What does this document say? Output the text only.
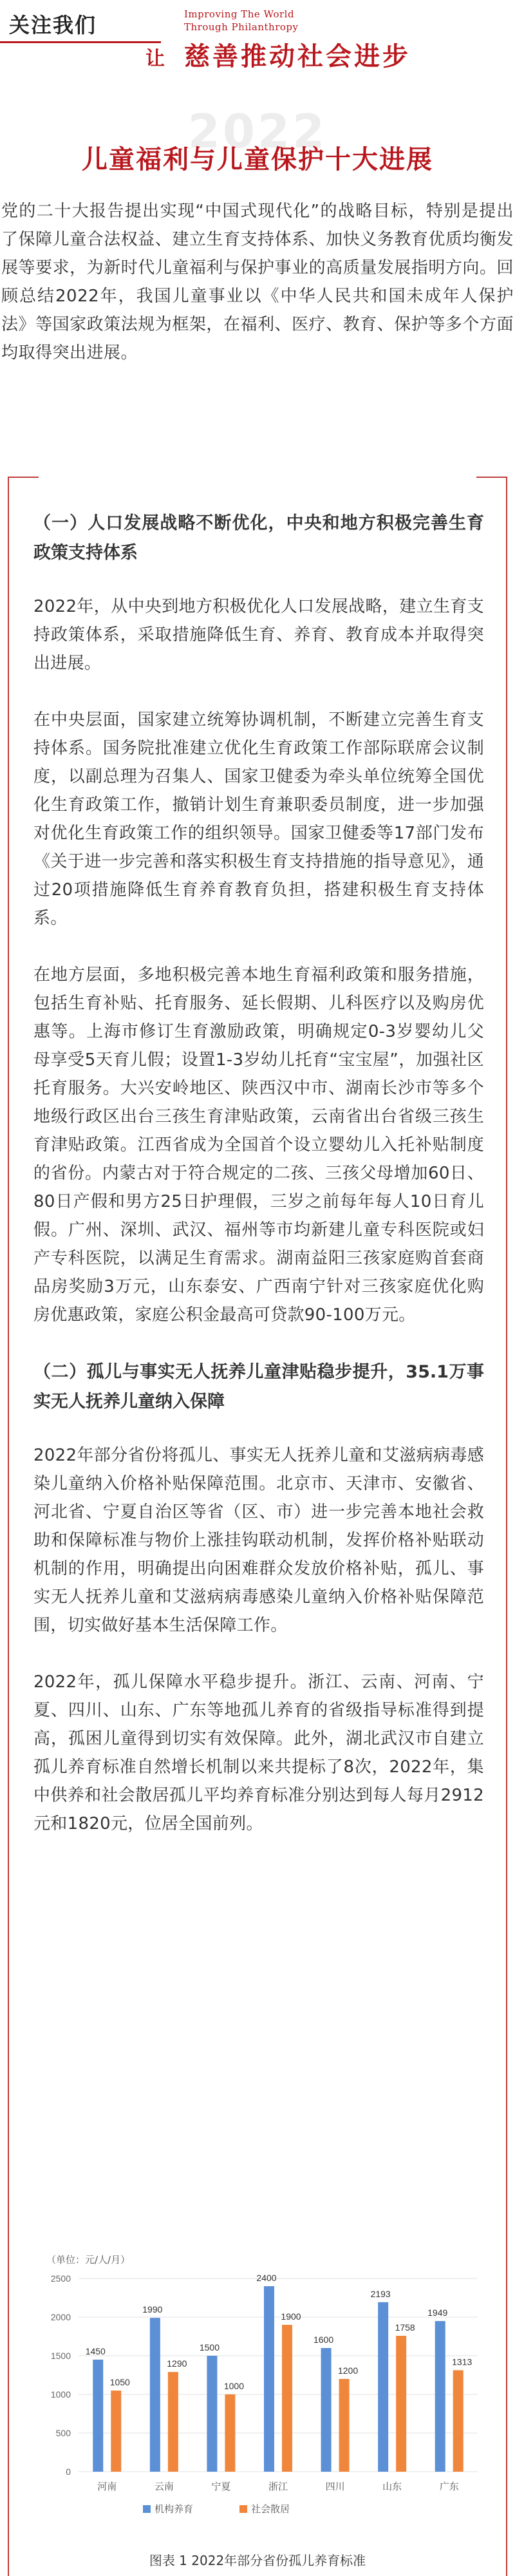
关注我们	Improving The World
Through Philanthropy
让 慈善推动社会进步
2022
儿童福利与儿童保护十大进展
党的二十大报告提出实现“中国式现代化”的战略目标，特别是提出了保障儿童合法权益、建立生育支持体系、加快义务教育优质均衡发展等要求，为新时代儿童福利与保护事业的高质量发展指明方向。回顾总结2022年，我国儿童事业以《中华人民共和国未成年人保护法》等国家政策法规为框架，在福利、医疗、教育、保护等多个方面均取得突出进展。
（一）人口发展战略不断优化，中央和地方积极完善生育政策支持体系
2022年，从中央到地方积极优化人口发展战略，建立生育支持政策体系，采取措施降低生育、养育、教育成本并取得突出进展。
在中央层面，国家建立统筹协调机制，不断建立完善生育支持体系。国务院批准建立优化生育政策工作部际联席会议制度，以副总理为召集人、国家卫健委为牵头单位统筹全国优化生育政策工作，撤销计划生育兼职委员制度，进一步加强对优化生育政策工作的组织领导。国家卫健委等17部门发布《关于进一步完善和落实积极生育支持措施的指导意见》，通过20项措施降低生育养育教育负担，搭建积极生育支持体系。
在地方层面，多地积极完善本地生育福利政策和服务措施，包括生育补贴、托育服务、延长假期、儿科医疗以及购房优惠等。上海市修订生育激励政策，明确规定0-3岁婴幼儿父母享受5天育儿假；设置1-3岁幼儿托育“宝宝屋”，加强社区托育服务。大兴安岭地区、陕西汉中市、湖南长沙市等多个地级行政区出台三孩生育津贴政策，云南省出台省级三孩生育津贴政策。江西省成为全国首个设立婴幼儿入托补贴制度的省份。内蒙古对于符合规定的二孩、三孩父母增加60日、80日产假和男方25日护理假，三岁之前每年每人10日育儿假。广州、深圳、武汉、福州等市均新建儿童专科医院或妇产专科医院，以满足生育需求。湖南益阳三孩家庭购首套商品房奖励3万元，山东泰安、广西南宁针对三孩家庭优化购房优惠政策，家庭公积金最高可贷款90-100万元。
（二）孤儿与事实无人抚养儿童津贴稳步提升，35.1万事实无人抚养儿童纳入保障
2022年部分省份将孤儿、事实无人抚养儿童和艾滋病病毒感染儿童纳入价格补贴保障范围。北京市、天津市、安徽省、河北省、宁夏自治区等省（区、市）进一步完善本地社会救助和保障标准与物价上涨挂钩联动机制，发挥价格补贴联动机制的作用，明确提出向困难群众发放价格补贴，孤儿、事实无人抚养儿童和艾滋病病毒感染儿童纳入价格补贴保障范围，切实做好基本生活保障工作。
2022年，孤儿保障水平稳步提升。浙江、云南、河南、宁夏、四川、山东、广东等地孤儿养育的省级指导标准得到提高，孤困儿童得到切实有效保障。此外，湖北武汉市自建立孤儿养育标准自然增长机制以来共提标了8次，2022年，集中供养和社会散居孤儿平均养育标准分别达到每人每月2912元和1820元，位居全国前列。
（单位：元/人/月）
0
500
1000
1500
2000
2500
1450
1050
河南
1990
1290
云南
1500
1000
宁夏
2400
1900
浙江
1600
1200
四川
2193
1758
山东
1949
1313
广东
机构养育	社会散居
图表 1 2022年部分省份孤儿养育标准
